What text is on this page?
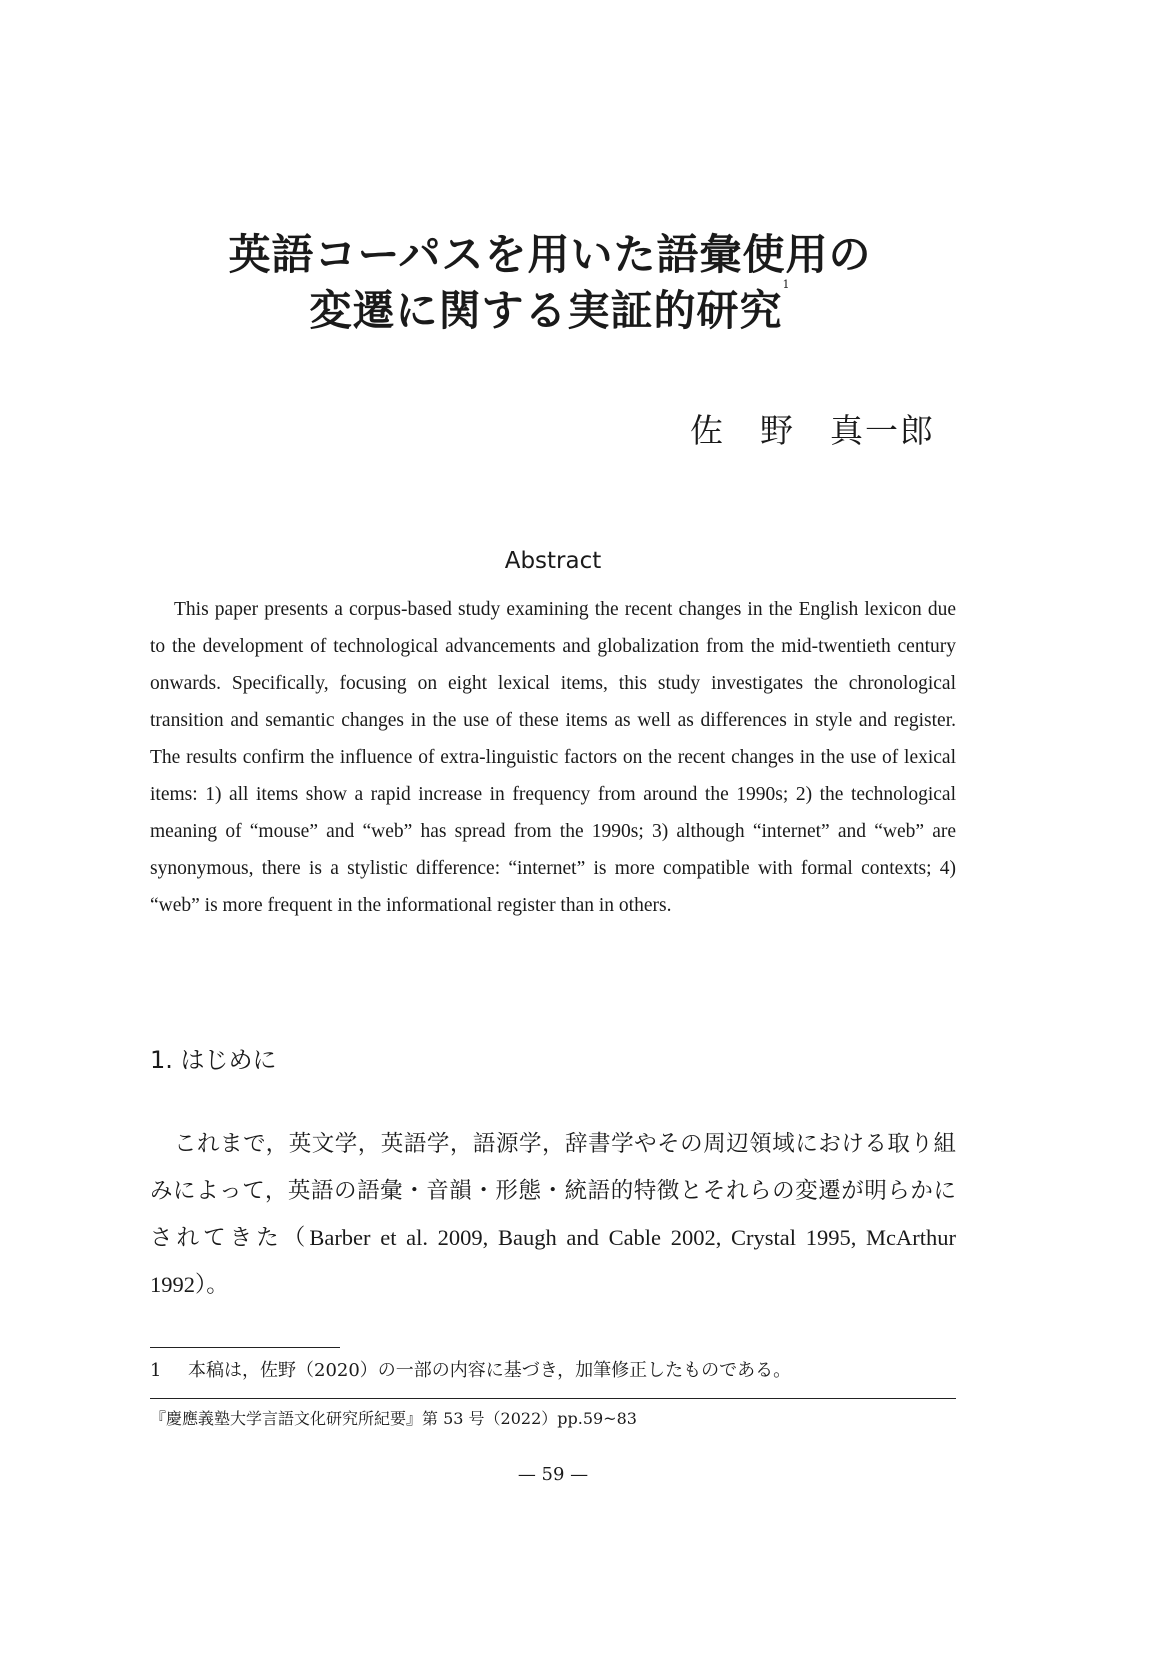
英語コーパスを用いた語彙使用の
変遷に関する実証的研究$^1$
佐　野　真一郎
Abstract

This paper presents a corpus-based study examining the recent changes in the English lexicon due to the development of technological advancements and globalization from the mid-twentieth century onwards. Specifically, focusing on eight lexical items, this study investigates the chronological transition and semantic changes in the use of these items as well as differences in style and register. The results confirm the influence of extra-linguistic factors on the recent changes in the use of lexical items: 1) all items show a rapid increase in frequency from around the 1990s; 2) the technological meaning of “mouse” and “web” has spread from the 1990s; 3) although “internet” and “web” are synonymous, there is a stylistic difference: “internet” is more compatible with formal contexts; 4) “web” is more frequent in the informational register than in others.

1. はじめに

これまで，英文学，英語学，語源学，辞書学やその周辺領域における取り組みによって，英語の語彙・音韻・形態・統語的特徴とそれらの変遷が明らかにされてきた（Barber et al. 2009, Baugh and Cable 2002, Crystal 1995, McArthur 1992）。

1 本稿は，佐野（2020）の一部の内容に基づき，加筆修正したものである。
『慶應義塾大学言語文化研究所紀要』第 53 号（2022）pp.59~83
— 59 —
